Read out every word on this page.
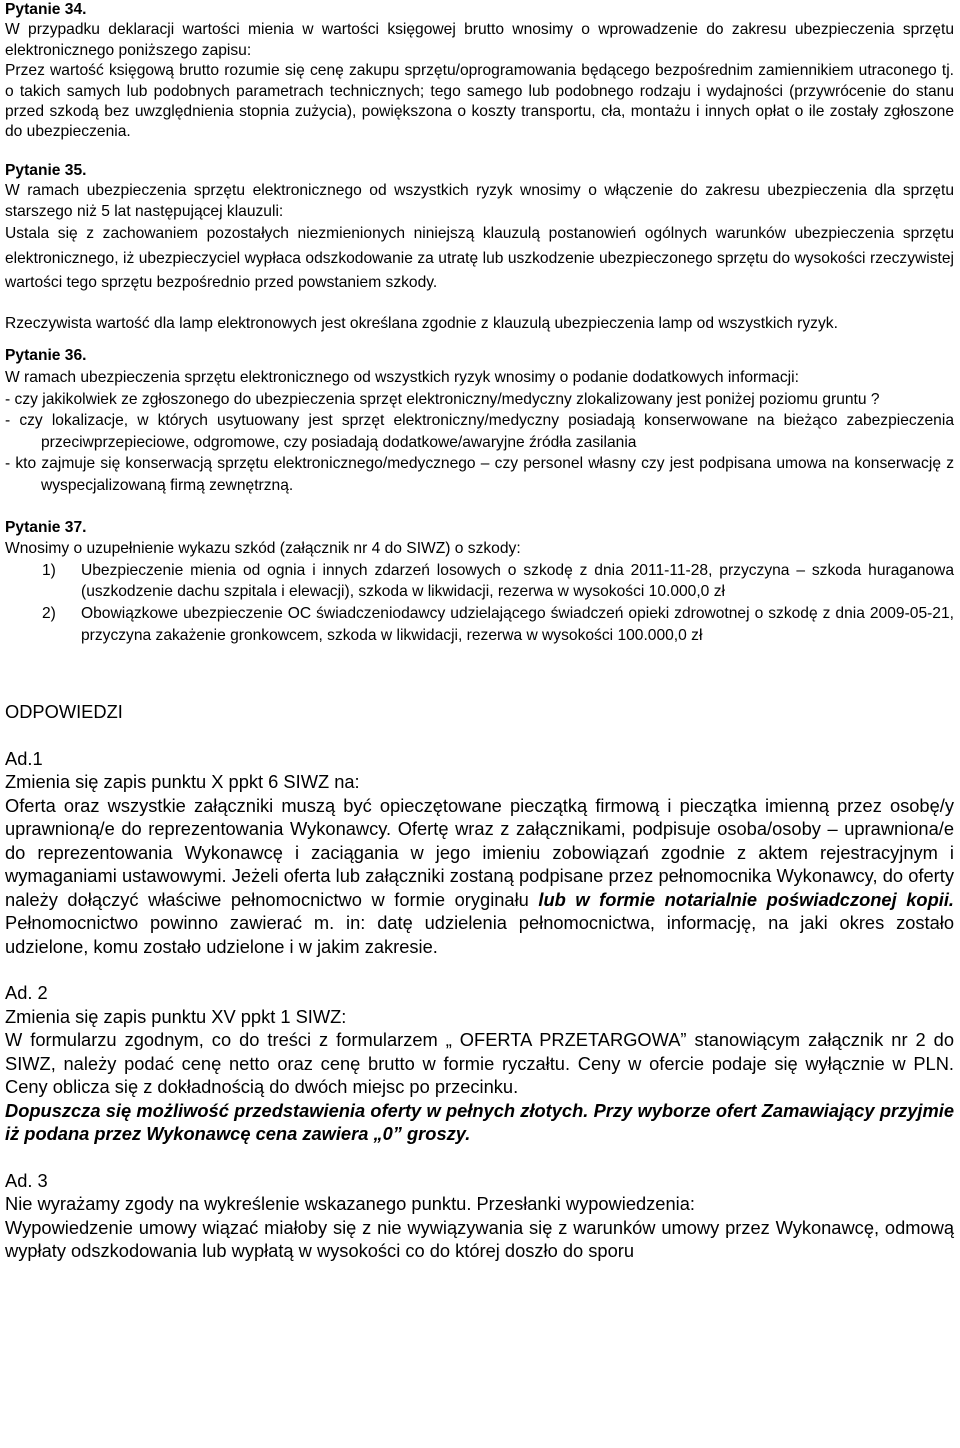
Pytanie 34.

W przypadku deklaracji wartości mienia w wartości księgowej brutto wnosimy o wprowadzenie do zakresu ubezpieczenia sprzętu elektronicznego poniższego zapisu:

Przez wartość księgową brutto rozumie się cenę zakupu sprzętu/oprogramowania będącego bezpośrednim zamiennikiem utraconego tj. o takich samych lub podobnych parametrach technicznych; tego samego lub podobnego rodzaju i wydajności (przywrócenie do stanu przed szkodą bez uwzględnienia stopnia zużycia), powiększona o koszty transportu, cła, montażu i innych opłat o ile zostały zgłoszone do ubezpieczenia.

Pytanie 35.

W ramach ubezpieczenia sprzętu elektronicznego od wszystkich ryzyk wnosimy o włączenie do zakresu ubezpieczenia dla sprzętu starszego niż 5 lat następującej klauzuli:

Ustala się z zachowaniem pozostałych niezmienionych niniejszą klauzulą postanowień ogólnych warunków ubezpieczenia sprzętu elektronicznego, iż ubezpieczyciel wypłaca odszkodowanie za utratę lub uszkodzenie ubezpieczonego sprzętu do wysokości rzeczywistej wartości tego sprzętu bezpośrednio przed powstaniem szkody.

Rzeczywista wartość dla lamp elektronowych jest określana zgodnie z klauzulą ubezpieczenia lamp od wszystkich ryzyk.

Pytanie 36.

W ramach ubezpieczenia sprzętu elektronicznego od wszystkich ryzyk wnosimy o podanie dodatkowych informacji:

- czy jakikolwiek ze zgłoszonego do ubezpieczenia sprzęt elektroniczny/medyczny zlokalizowany jest poniżej poziomu gruntu ?

- czy lokalizacje, w których usytuowany jest sprzęt elektroniczny/medyczny posiadają konserwowane na bieżąco zabezpieczenia przeciwprzepieciowe, odgromowe, czy posiadają dodatkowe/awaryjne źródła zasilania

- kto zajmuje się konserwacją sprzętu elektronicznego/medycznego – czy personel własny czy jest podpisana umowa na konserwację z wyspecjalizowaną firmą zewnętrzną.

Pytanie 37.

Wnosimy o uzupełnienie wykazu szkód (załącznik nr 4 do SIWZ) o szkody:

1) Ubezpieczenie mienia od ognia i innych zdarzeń losowych o szkodę z dnia 2011-11-28, przyczyna – szkoda huraganowa (uszkodzenie dachu szpitala i elewacji), szkoda w likwidacji, rezerwa w wysokości 10.000,0 zł
2) Obowiązkowe ubezpieczenie OC świadczeniodawcy udzielającego świadczeń opieki zdrowotnej o szkodę z dnia 2009-05-21, przyczyna zakażenie gronkowcem, szkoda w likwidacji, rezerwa w wysokości 100.000,0 zł

ODPOWIEDZI

Ad.1

Zmienia się zapis punktu X ppkt 6 SIWZ na:

Oferta oraz wszystkie załączniki muszą być opieczętowane pieczątką firmową i pieczątka imienną przez osobę/y uprawnioną/e do reprezentowania Wykonawcy. Ofertę wraz z załącznikami, podpisuje osoba/osoby – uprawniona/e do reprezentowania Wykonawcę i zaciągania w jego imieniu zobowiązań zgodnie z aktem rejestracyjnym i wymaganiami ustawowymi. Jeżeli oferta lub załączniki zostaną podpisane przez pełnomocnika Wykonawcy, do oferty należy dołączyć właściwe pełnomocnictwo w formie oryginału lub w formie notarialnie poświadczonej kopii. Pełnomocnictwo powinno zawierać m. in: datę udzielenia pełnomocnictwa, informację, na jaki okres zostało udzielone, komu zostało udzielone i w jakim zakresie.

Ad. 2

Zmienia się zapis punktu XV ppkt 1 SIWZ:

W formularzu zgodnym, co do treści z formularzem „ OFERTA PRZETARGOWA” stanowiącym załącznik nr 2 do SIWZ, należy podać cenę netto oraz cenę brutto w formie ryczałtu. Ceny w ofercie podaje się wyłącznie w PLN. Ceny oblicza się z dokładnością do dwóch miejsc po przecinku.

Dopuszcza się możliwość przedstawienia oferty w pełnych złotych. Przy wyborze ofert Zamawiający przyjmie iż podana przez Wykonawcę cena zawiera „0” groszy.

Ad. 3

Nie wyrażamy zgody na wykreślenie wskazanego punktu. Przesłanki wypowiedzenia:

Wypowiedzenie umowy wiązać miałoby się z nie wywiązywania się z warunków umowy przez Wykonawcę, odmową wypłaty odszkodowania lub wypłatą w wysokości co do której doszło do sporu
